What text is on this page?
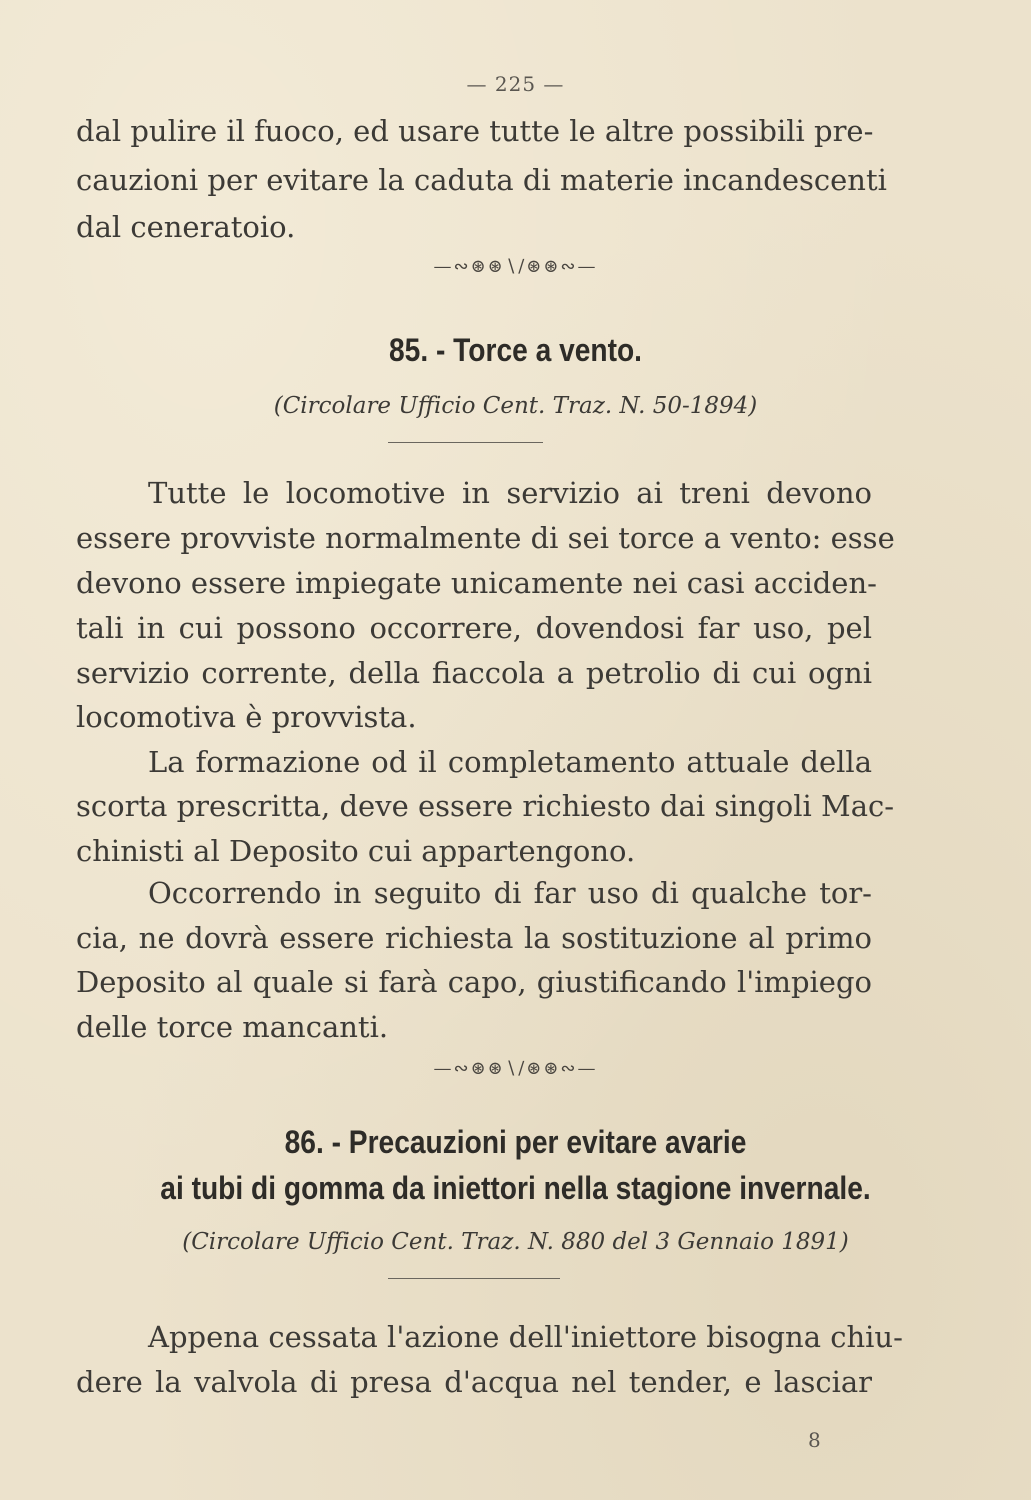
— 225 —

dal pulire il fuoco, ed usare tutte le altre possibili pre-

cauzioni per evitare la caduta di materie incandescenti

dal ceneratoio.

—∾⊛⊛∖∕⊛⊛∾—
85. - Torce a vento.
(Circolare Ufficio Cent. Traz. N. 50-1894)

Tutte le locomotive in servizio ai treni devono

essere provviste normalmente di sei torce a vento: esse

devono essere impiegate unicamente nei casi acciden-

tali in cui possono occorrere, dovendosi far uso, pel

servizio corrente, della fiaccola a petrolio di cui ogni

locomotiva è provvista.

La formazione od il completamento attuale della

scorta prescritta, deve essere richiesto dai singoli Mac-

chinisti al Deposito cui appartengono.

Occorrendo in seguito di far uso di qualche tor-

cia, ne dovrà essere richiesta la sostituzione al primo

Deposito al quale si farà capo, giustificando l'impiego

delle torce mancanti.

—∾⊛⊛∖∕⊛⊛∾—
86. - Precauzioni per evitare avarie
ai tubi di gomma da iniettori nella stagione invernale.
(Circolare Ufficio Cent. Traz. N. 880 del 3 Gennaio 1891)

Appena cessata l'azione dell'iniettore bisogna chiu-

dere la valvola di presa d'acqua nel tender, e lasciar

8
